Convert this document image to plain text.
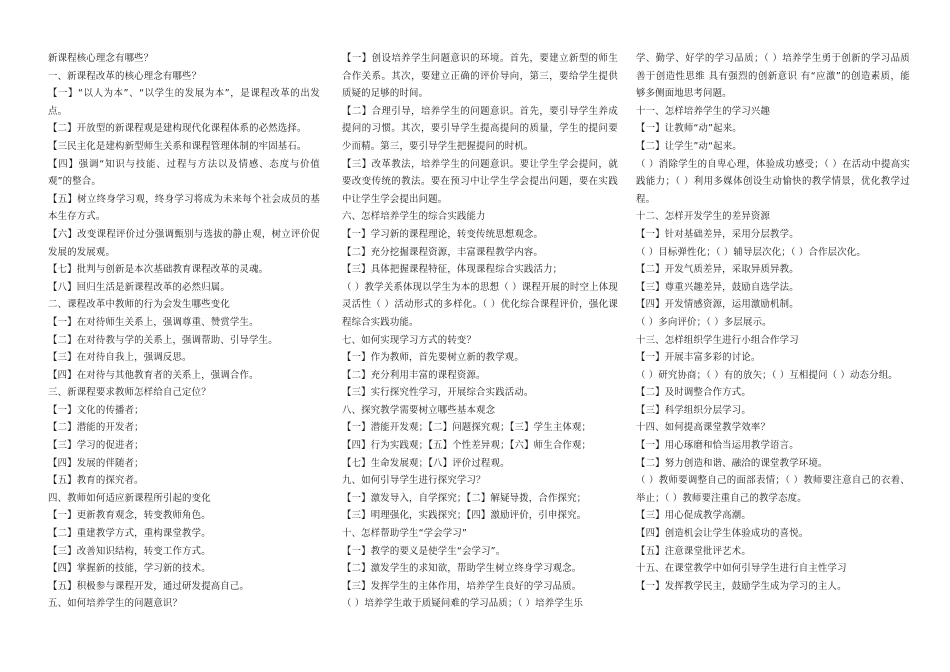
新课程核心理念有哪些？

一、新课程改革的核心理念有哪些？

【一】“以人为本”、“以学生的发展为本”，是课程改革的出发点。

【二】开放型的新课程观是建构现代化课程体系的必然选择。

【三民主化是建构新型师生关系和课程管理体制的牢固基石。

【四】强调“知识与技能、过程与方法以及情感、态度与价值观”的整合。

【五】树立终身学习观，终身学习将成为未来每个社会成员的基本生存方式。

【六】改变课程评价过分强调甄别与选拔的静止观，树立评价促发展的发展观。

【七】批判与创新是本次基础教育课程改革的灵魂。

【八】回归生活是新课程改革的必然归属。

二、课程改革中教师的行为会发生哪些变化

【一】在对待师生关系上，强调尊重、赞赏学生。

【二】在对待教与学的关系上，强调帮助、引导学生。

【三】在对待自我上，强调反思。

【四】在对待与其他教育者的关系上，强调合作。

三、新课程要求教师怎样给自己定位？

【一】文化的传播者；

【二】潜能的开发者；

【三】学习的促进者；

【四】发展的伴随者；

【五】教育的探究者。

四、教师如何适应新课程所引起的变化

【一】更新教育观念，转变教师角色。

【二】重建教学方式，重构课堂教学。

【三】改善知识结构，转变工作方式。

【四】掌握新的技能，学习新的技术。

【五】积极参与课程开发，通过研发提高自己。

五、如何培养学生的问题意识？

【一】创设培养学生问题意识的环境。首先，要建立新型的师生合作关系。其次，要建立正确的评价导向，第三，要给学生提供质疑的足够的时间。

【二】合理引导，培养学生的问题意识。首先，要引导学生养成提问的习惯。其次，要引导学生提高提问的质量，学生的提问要少而精。第三，要引导学生把握提问的时机。

【三】改革教法，培养学生的问题意识。要让学生学会提问，就要改变传统的教法。要在预习中让学生学会提出问题，要在实践中让学生学会提出问题。

六、怎样培养学生的综合实践能力

【一】学习新的课程理论，转变传统思想观念。

【二】充分挖掘课程资源，丰富课程教学内容。

【三】具体把握课程特征，体现课程综合实践活力；

（ ）教学关系体现以学生为本的思想（ ）课程开展的时空上体现灵活性（ ）活动形式的多样化。（ ）优化综合课程评价，强化课程综合实践功能。

七、如何实现学习方式的转变？

【一】作为教师，首先要树立新的教学观。

【二】充分利用丰富的课程资源。

【三】实行探究性学习，开展综合实践活动。

八、探究教学需要树立哪些基本观念

【一】潜能开发观；【二】问题探究观；【三】学生主体观；

【四】行为实践观；【五】个性差异观；【六】师生合作观；

【七】生命发展观；【八】评价过程观。

九、如何引导学生进行探究学习？

【一】激发导入，自学探究；【二】解疑导拨，合作探究；

【三】明理强化，实践探究；【四】激励评价，引申探究。

十、怎样帮助学生“学会学习”

【一】教学的要义是使学生“会学习”。

【二】激发学生的求知欲，帮助学生树立终身学习观念。

【三】发挥学生的主体作用，培养学生良好的学习品质。

（ ）培养学生敢于质疑问难的学习品质；（ ）培养学生乐

学、勤学、好学的学习品质；（ ）培养学生勇于创新的学习品质 善于创造性思维 具有强烈的创新意识 有“应激”的创造素质，能够多侧面地思考问题。

十一、怎样培养学生的学习兴趣

【一】让教师“动”起来。

【二】让学生”动“起来。

（ ）消除学生的自卑心理，体验成功感受；（ ）在活动中提高实践能力；（ ）利用多媒体创设生动愉快的教学情景，优化教学过程。

十二、怎样开发学生的差异资源

【一】针对基础差异，采用分层教学。

（ ）目标弹性化；（ ）辅导层次化；（ ）合作层次化。

【二】开发气质差异，采取异质异教。

【三】尊重兴趣差异，鼓励自选学法。

【四】开发情感资源，运用激励机制。

（ ）多向评价；（ ）多层展示。

十三、怎样组织学生进行小组合作学习

【一】开展丰富多彩的讨论。

（ ）研究协商；（ ）有的放矢；（ ）互相提问（ ）动态分组。

【二】及时调整合作方式。

【三】科学组织分层学习。

十四、如何提高课堂教学效率？

【一】用心琢磨和恰当运用教学语言。

【二】努力创造和谐、融洽的课堂教学环境。

（ ）教师要调整自己的面部表情；（ ）教师要注意自己的衣着、举止；（ ）教师要注重自己的教学态度。

【三】用心促成教学高潮。

【四】创造机会让学生体验成功的喜悦。

【五】注意课堂批评艺术。

十五、在课堂教学中如何引导学生进行自主性学习

【一】发挥教学民主，鼓励学生成为学习的主人。
